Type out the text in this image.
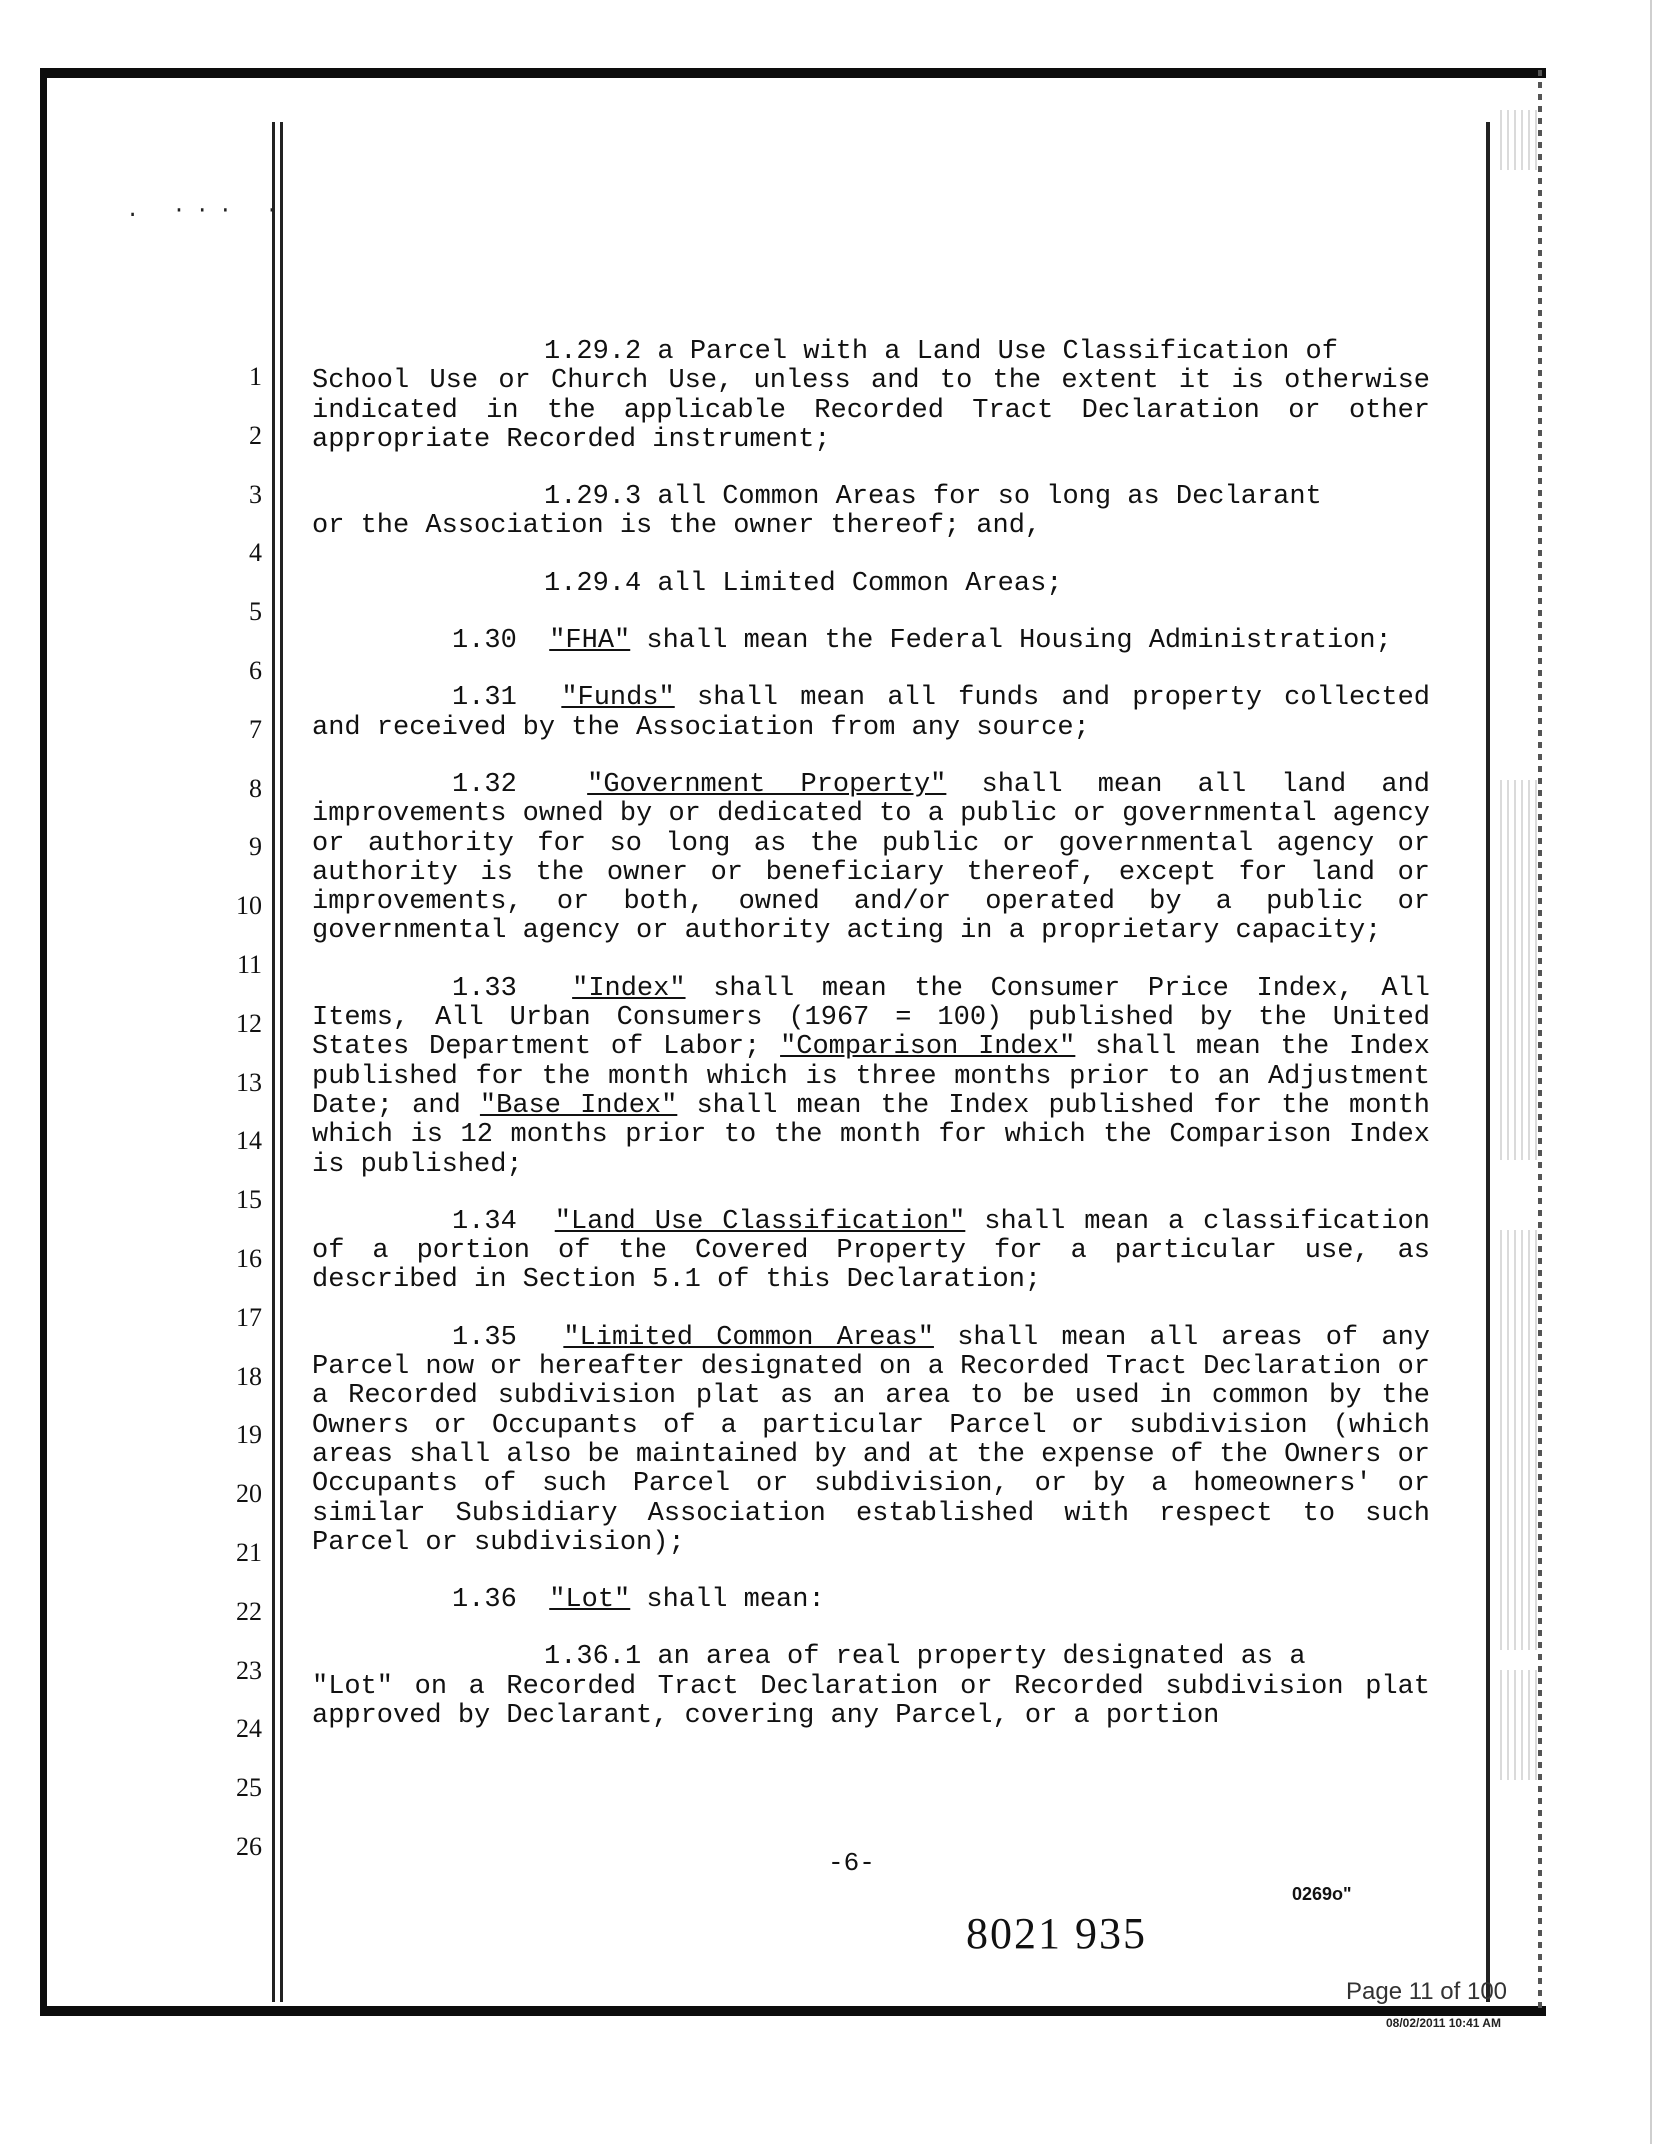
. ··· ·
1
2
3
4
5
6
7
8
9
10
11
12
13
14
15
16
17
18
19
20
21
22
23
24
25
26

1.29.2 a Parcel with a Land Use Classification of
School Use or Church Use, unless and to the extent it is otherwise indicated in the applicable Recorded Tract Declaration or other appropriate Recorded instrument;

1.29.3 all Common Areas for so long as Declarant
or the Association is the owner thereof; and,

1.29.4 all Limited Common Areas;

1.30 "FHA" shall mean the Federal Housing Administration;

1.31 "Funds" shall mean all funds and property collected and received by the Association from any source;

1.32	"Government Property" shall mean all land and improvements owned by or dedicated to a public or governmental agency or authority for so long as the public or governmental agency or authority is the owner or beneficiary thereof, except for land or improvements, or both, owned and/or operated by a public or governmental agency or authority acting in a proprietary capacity;

1.33 "Index" shall mean the Consumer Price Index, All Items, All Urban Consumers (1967 = 100) published by the United States Department of Labor; "Comparison Index" shall mean the Index published for the month which is three months prior to an Adjustment Date; and "Base Index" shall mean the Index published for the month which is 12 months prior to the month for which the Comparison Index is published;

1.34 "Land Use Classification" shall mean a classification of a portion of the Covered Property for a particular use, as described in Section 5.1 of this Declaration;

1.35 "Limited Common Areas" shall mean all areas of any Parcel now or hereafter designated on a Recorded Tract Declaration or a Recorded subdivision plat as an area to be used in common by the Owners or Occupants of a particular Parcel or subdivision (which areas shall also be maintained by and at the expense of the Owners or Occupants of such Parcel or subdivision, or by a homeowners' or similar Subsidiary Association established with respect to such Parcel or subdivision);

1.36 "Lot" shall mean:

1.36.1 an area of real property designated as a
"Lot" on a Recorded Tract Declaration or Recorded subdivision plat approved by Declarant, covering any Parcel, or a portion

-6-
0269o"
8021 935
Page 11 of 100
08/02/2011 10:41 AM
